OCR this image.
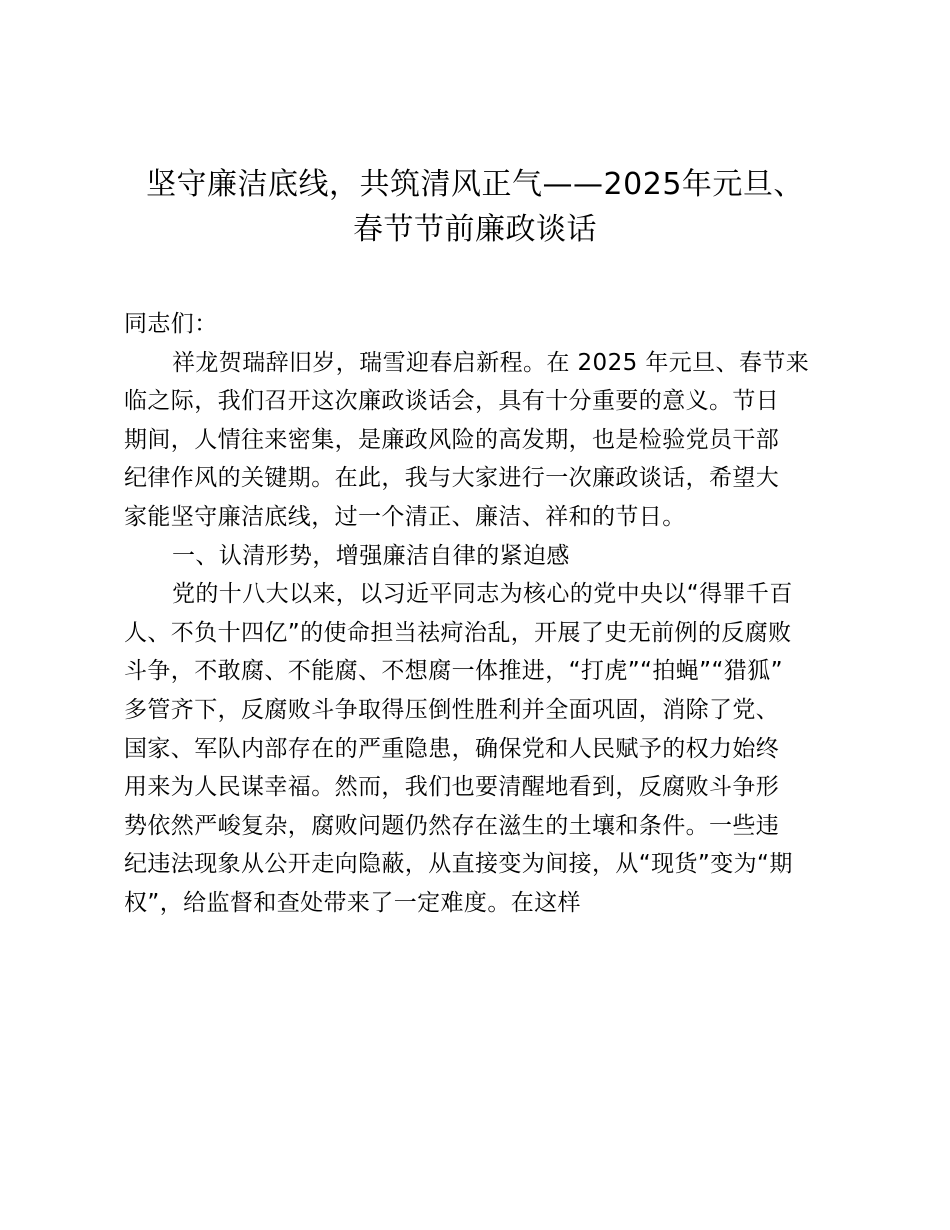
坚守廉洁底线，共筑清风正气——2025年元旦、
春节节前廉政谈话
同志们：
祥龙贺瑞辞旧岁，瑞雪迎春启新程。在 2025 年元旦、春节来
临之际，我们召开这次廉政谈话会，具有十分重要的意义。节日
期间，人情往来密集，是廉政风险的高发期，也是检验党员干部
纪律作风的关键期。在此，我与大家进行一次廉政谈话，希望大
家能坚守廉洁底线，过一个清正、廉洁、祥和的节日。
一、认清形势，增强廉洁自律的紧迫感
党的十八大以来，以习近平同志为核心的党中央以“得罪千百
人、不负十四亿”的使命担当祛疴治乱，开展了史无前例的反腐败
斗争，不敢腐、不能腐、不想腐一体推进，“打虎”“拍蝇”“猎狐”
多管齐下，反腐败斗争取得压倒性胜利并全面巩固，消除了党、
国家、军队内部存在的严重隐患，确保党和人民赋予的权力始终
用来为人民谋幸福。然而，我们也要清醒地看到，反腐败斗争形
势依然严峻复杂，腐败问题仍然存在滋生的土壤和条件。一些违
纪违法现象从公开走向隐蔽，从直接变为间接，从“现货”变为“期
权”，给监督和查处带来了一定难度。在这样
